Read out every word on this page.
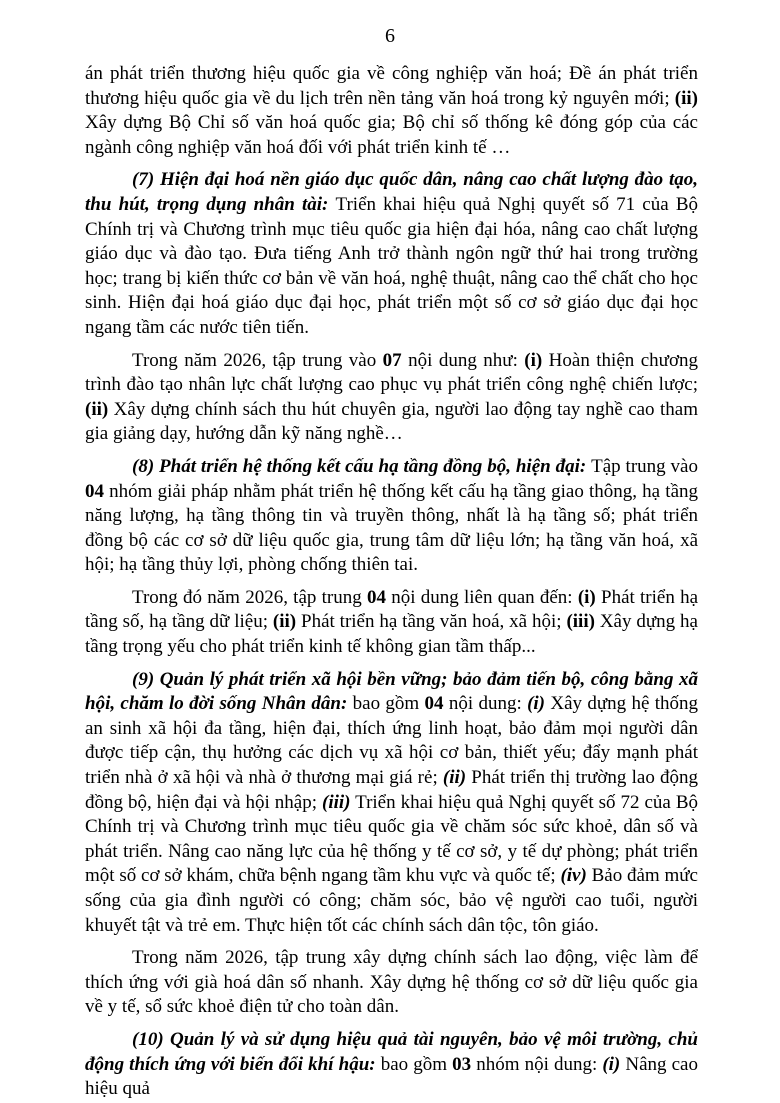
6

án phát triển thương hiệu quốc gia về công nghiệp văn hoá; Đề án phát triển thương hiệu quốc gia về du lịch trên nền tảng văn hoá trong kỷ nguyên mới; (ii) Xây dựng Bộ Chỉ số văn hoá quốc gia; Bộ chỉ số thống kê đóng góp của các ngành công nghiệp văn hoá đối với phát triển kinh tế …

(7) Hiện đại hoá nền giáo dục quốc dân, nâng cao chất lượng đào tạo, thu hút, trọng dụng nhân tài: Triển khai hiệu quả Nghị quyết số 71 của Bộ Chính trị và Chương trình mục tiêu quốc gia hiện đại hóa, nâng cao chất lượng giáo dục và đào tạo. Đưa tiếng Anh trở thành ngôn ngữ thứ hai trong trường học; trang bị kiến thức cơ bản về văn hoá, nghệ thuật, nâng cao thể chất cho học sinh. Hiện đại hoá giáo dục đại học, phát triển một số cơ sở giáo dục đại học ngang tầm các nước tiên tiến.

Trong năm 2026, tập trung vào 07 nội dung như: (i) Hoàn thiện chương trình đào tạo nhân lực chất lượng cao phục vụ phát triển công nghệ chiến lược; (ii) Xây dựng chính sách thu hút chuyên gia, người lao động tay nghề cao tham gia giảng dạy, hướng dẫn kỹ năng nghề…

(8) Phát triển hệ thống kết cấu hạ tầng đồng bộ, hiện đại: Tập trung vào 04 nhóm giải pháp nhằm phát triển hệ thống kết cấu hạ tầng giao thông, hạ tầng năng lượng, hạ tầng thông tin và truyền thông, nhất là hạ tầng số; phát triển đồng bộ các cơ sở dữ liệu quốc gia, trung tâm dữ liệu lớn; hạ tầng văn hoá, xã hội; hạ tầng thủy lợi, phòng chống thiên tai.

Trong đó năm 2026, tập trung 04 nội dung liên quan đến: (i) Phát triển hạ tầng số, hạ tầng dữ liệu; (ii) Phát triển hạ tầng văn hoá, xã hội; (iii) Xây dựng hạ tầng trọng yếu cho phát triển kinh tế không gian tầm thấp...

(9) Quản lý phát triển xã hội bền vững; bảo đảm tiến bộ, công bằng xã hội, chăm lo đời sống Nhân dân: bao gồm 04 nội dung: (i) Xây dựng hệ thống an sinh xã hội đa tầng, hiện đại, thích ứng linh hoạt, bảo đảm mọi người dân được tiếp cận, thụ hưởng các dịch vụ xã hội cơ bản, thiết yếu; đẩy mạnh phát triển nhà ở xã hội và nhà ở thương mại giá rẻ; (ii) Phát triển thị trường lao động đồng bộ, hiện đại và hội nhập; (iii) Triển khai hiệu quả Nghị quyết số 72 của Bộ Chính trị và Chương trình mục tiêu quốc gia về chăm sóc sức khoẻ, dân số và phát triển. Nâng cao năng lực của hệ thống y tế cơ sở, y tế dự phòng; phát triển một số cơ sở khám, chữa bệnh ngang tầm khu vực và quốc tế; (iv) Bảo đảm mức sống của gia đình người có công; chăm sóc, bảo vệ người cao tuổi, người khuyết tật và trẻ em. Thực hiện tốt các chính sách dân tộc, tôn giáo.

Trong năm 2026, tập trung xây dựng chính sách lao động, việc làm để thích ứng với già hoá dân số nhanh. Xây dựng hệ thống cơ sở dữ liệu quốc gia về y tế, sổ sức khoẻ điện tử cho toàn dân.

(10) Quản lý và sử dụng hiệu quả tài nguyên, bảo vệ môi trường, chủ động thích ứng với biến đổi khí hậu: bao gồm 03 nhóm nội dung: (i) Nâng cao hiệu quả
